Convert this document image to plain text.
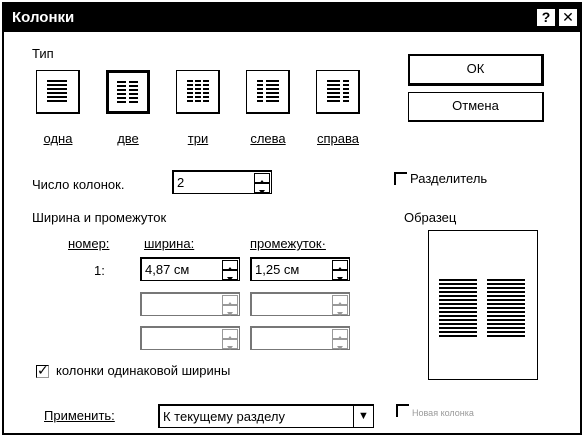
Колонки	? ✕
Тип
одна	две	три	слева	справа
ОК
Отмена
Число колонок.	2	Разделитель
Ширина и промежуток
номер:	ширина:	промежуток·
1:	4,87 см	1,25 см
Образец
✓
колонки одинаковой ширины
Применить:	К текущему разделу	▼	Новая колонка
